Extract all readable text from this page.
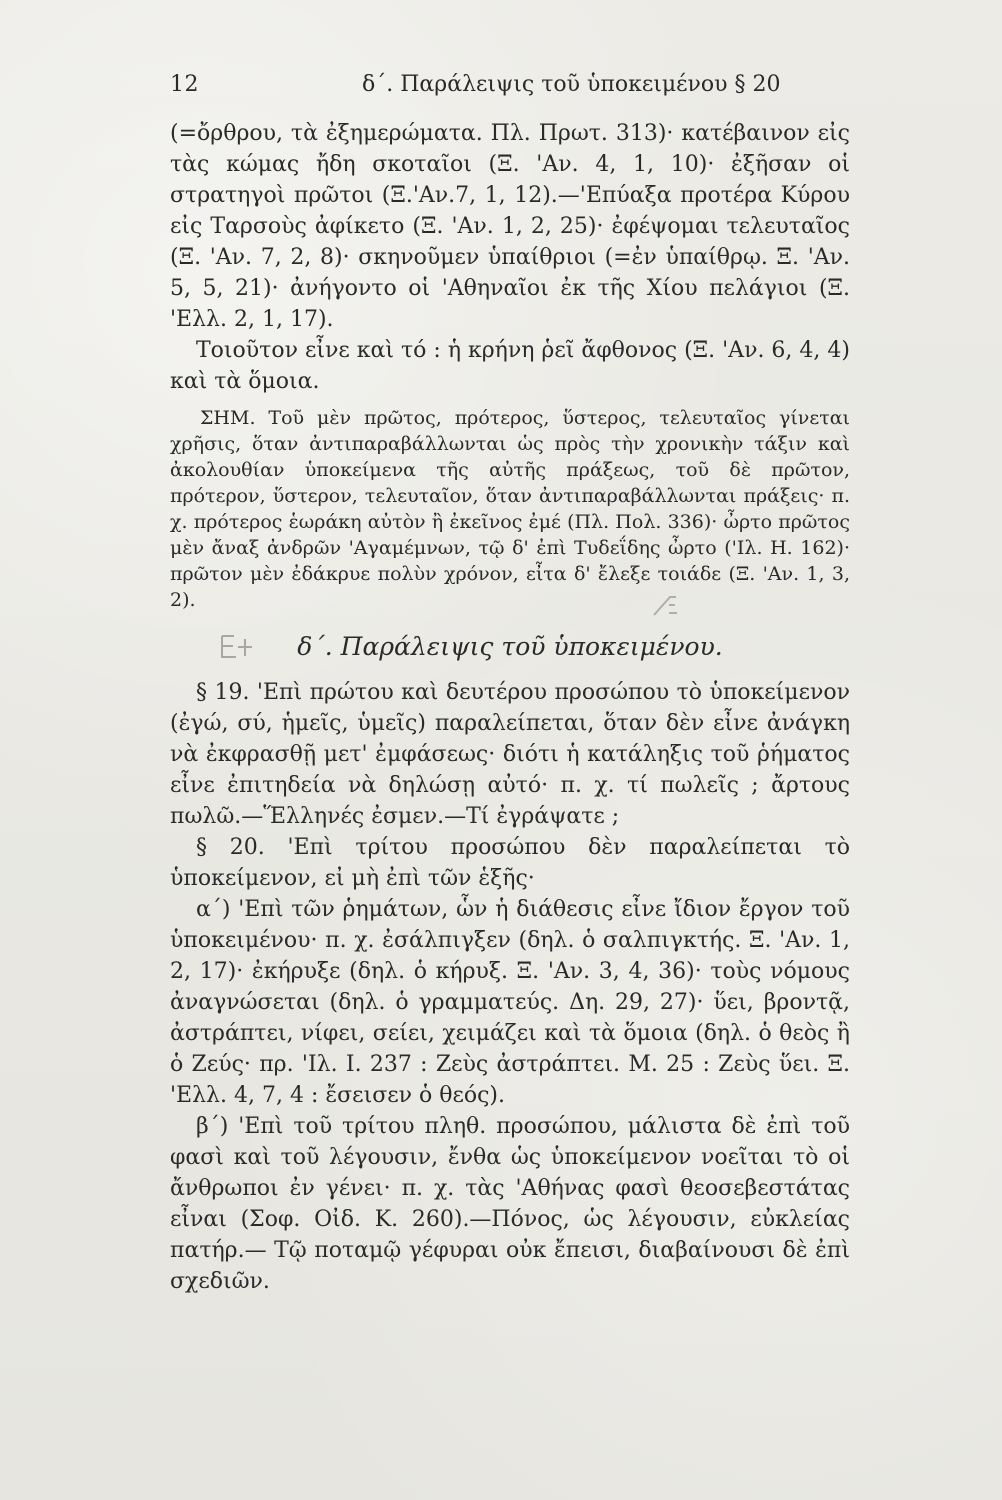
12	δ΄. Παράλειψις τοῦ ὑποκειμένου § 20

(=ὄρθρου, τὰ ἐξημερώματα. Πλ. Πρωτ. 313)· κατέβαινον εἰς τὰς κώμας ἤδη σκοταῖοι (Ξ. 'Αν. 4, 1, 10)· ἐξῆσαν οἱ στρατηγοὶ πρῶτοι (Ξ.'Αν.7, 1, 12).—'Επύαξα προτέρα Κύρου εἰς Ταρσοὺς ἀφίκετο (Ξ. 'Αν. 1, 2, 25)· ἐφέψομαι τελευταῖος (Ξ. 'Αν. 7, 2, 8)· σκηνοῦμεν ὑπαίθριοι (=ἐν ὑπαίθρῳ. Ξ. 'Αν. 5, 5, 21)· ἀνήγοντο οἱ 'Αθηναῖοι ἐκ τῆς Χίου πελάγιοι (Ξ. 'Ελλ. 2, 1, 17).

Τοιοῦτον εἶνε καὶ τό : ἡ κρήνη ῥεῖ ἄφθονος (Ξ. 'Αν. 6, 4, 4) καὶ τὰ ὅμοια.

ΣΗΜ. Τοῦ μὲν πρῶτος, πρότερος, ὕστερος, τελευταῖος γίνεται χρῆσις, ὅταν ἀντιπαραβάλλωνται ὡς πρὸς τὴν χρονικὴν τάξιν καὶ ἀκολουθίαν ὑποκείμενα τῆς αὐτῆς πράξεως, τοῦ δὲ πρῶτον, πρότερον, ὕστερον, τελευταῖον, ὅταν ἀντιπαραβάλλωνται πράξεις· π. χ. πρότερος ἑωράκη αὐτὸν ἢ ἐκεῖνος ἐμέ (Πλ. Πολ. 336)· ὦρτο πρῶτος μὲν ἄναξ ἀνδρῶν 'Αγαμέμνων, τῷ δ' ἐπὶ Τυδεΐδης ὦρτο ('Ιλ. Η. 162)· πρῶτον μὲν ἐδάκρυε πολὺν χρόνον, εἶτα δ' ἔλεξε τοιάδε (Ξ. 'Αν. 1, 3, 2).

δ΄. Παράλειψις τοῦ ὑποκειμένου.

§ 19. 'Επὶ πρώτου καὶ δευτέρου προσώπου τὸ ὑποκείμενον (ἐγώ, σύ, ἡμεῖς, ὑμεῖς) παραλείπεται, ὅταν δὲν εἶνε ἀνάγκη νὰ ἐκφρασθῇ μετ' ἐμφάσεως· διότι ἡ κατάληξις τοῦ ῥήματος εἶνε ἐπιτηδεία νὰ δηλώσῃ αὐτό· π. χ. τί πωλεῖς ; ἄρτους πωλῶ.—Ἕλληνές ἐσμεν.—Τί ἐγράψατε ;

§ 20. 'Επὶ τρίτου προσώπου δὲν παραλείπεται τὸ ὑποκείμενον, εἰ μὴ ἐπὶ τῶν ἑξῆς·

α΄) 'Επὶ τῶν ῥημάτων, ὧν ἡ διάθεσις εἶνε ἴδιον ἔργον τοῦ ὑποκειμένου· π. χ. ἐσάλπιγξεν (δηλ. ὁ σαλπιγκτής. Ξ. 'Αν. 1, 2, 17)· ἐκήρυξε (δηλ. ὁ κήρυξ. Ξ. 'Αν. 3, 4, 36)· τοὺς νόμους ἀναγνώσεται (δηλ. ὁ γραμματεύς. Δη. 29, 27)· ὕει, βροντᾷ, ἀστράπτει, νίφει, σείει, χειμάζει καὶ τὰ ὅμοια (δηλ. ὁ θεὸς ἢ ὁ Ζεύς· πρ. 'Ιλ. Ι. 237 : Ζεὺς ἀστράπτει. Μ. 25 : Ζεὺς ὕει. Ξ. 'Ελλ. 4, 7, 4 : ἔσεισεν ὁ θεός).

β΄) 'Επὶ τοῦ τρίτου πληθ. προσώπου, μάλιστα δὲ ἐπὶ τοῦ φασὶ καὶ τοῦ λέγουσιν, ἔνθα ὡς ὑποκείμενον νοεῖται τὸ οἱ ἄνθρωποι ἐν γένει· π. χ. τὰς 'Αθήνας φασὶ θεοσεβεστάτας εἶναι (Σοφ. Οἰδ. Κ. 260).—Πόνος, ὡς λέγουσιν, εὐκλείας πατήρ.— Τῷ ποταμῷ γέφυραι οὐκ ἔπεισι, διαβαίνουσι δὲ ἐπὶ σχεδιῶν.
